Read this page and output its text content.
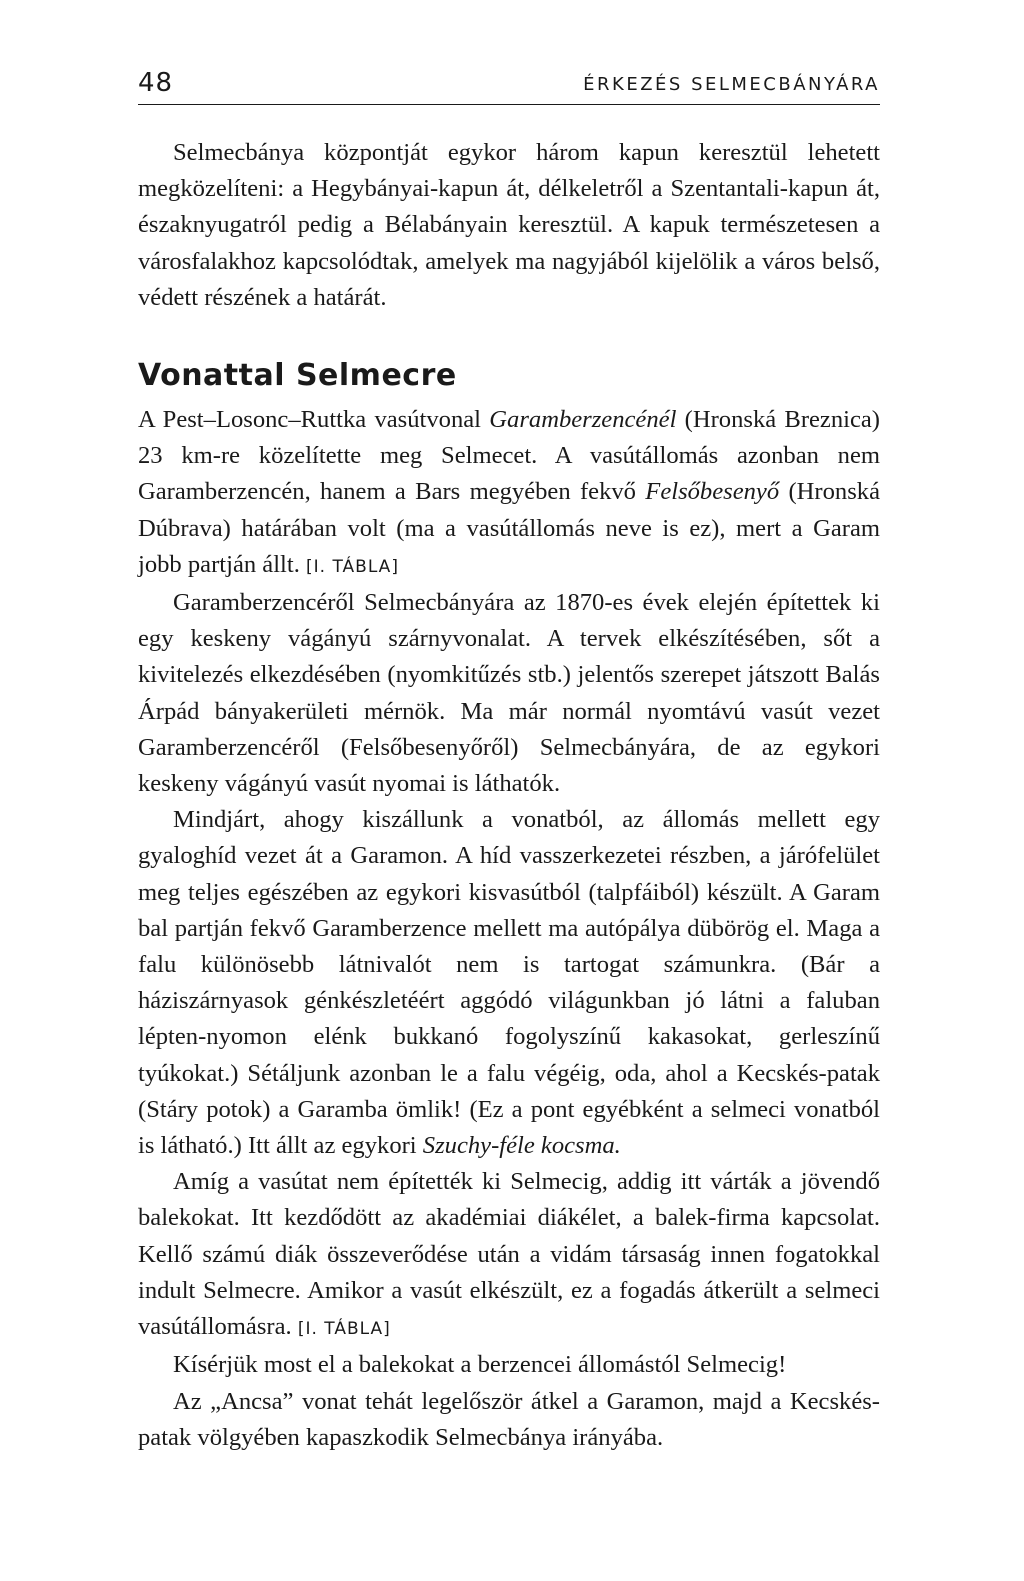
48	ÉRKEZÉS SELMECBÁNYÁRA

Selmecbánya központját egykor három kapun keresztül lehetett megközelíteni: a Hegybányai-kapun át, délkeletről a Szentantali-kapun át, északnyugatról pedig a Bélabányain keresztül. A kapuk természetesen a városfalakhoz kapcsolódtak, amelyek ma nagyjából kijelölik a város belső, védett részének a határát.

Vonattal Selmecre

A Pest–Losonc–Ruttka vasútvonal Garamberzencénél (Hronská Breznica) 23 km-re közelítette meg Selmecet. A vasútállomás azonban nem Garamberzencén, hanem a Bars megyében fekvő Felsőbesenyő (Hronská Dúbrava) határában volt (ma a vasútállomás neve is ez), mert a Garam jobb partján állt. [I. TÁBLA]

Garamberzencéről Selmecbányára az 1870-es évek elején építettek ki egy keskeny vágányú szárnyvonalat. A tervek elkészítésében, sőt a kivitelezés elkezdésében (nyomkitűzés stb.) jelentős szerepet játszott Balás Árpád bányakerületi mérnök. Ma már normál nyomtávú vasút vezet Garamberzencéről (Felsőbesenyőről) Selmecbányára, de az egykori keskeny vágányú vasút nyomai is láthatók.

Mindjárt, ahogy kiszállunk a vonatból, az állomás mellett egy gyaloghíd vezet át a Garamon. A híd vasszerkezetei részben, a járófelület meg teljes egészében az egykori kisvasútból (talpfáiból) készült. A Garam bal partján fekvő Garamberzence mellett ma autópálya dübörög el. Maga a falu különösebb látnivalót nem is tartogat számunkra. (Bár a háziszárnyasok génkészletéért aggódó világunkban jó látni a faluban lépten-nyomon elénk bukkanó fogolyszínű kakasokat, gerleszínű tyúkokat.) Sétáljunk azonban le a falu végéig, oda, ahol a Kecskés-patak (Stáry potok) a Garamba ömlik! (Ez a pont egyébként a selmeci vonatból is látható.) Itt állt az egykori Szuchy-féle kocsma.

Amíg a vasútat nem építették ki Selmecig, addig itt várták a jövendő balekokat. Itt kezdődött az akadémiai diákélet, a balek-firma kapcsolat. Kellő számú diák összeverődése után a vidám társaság innen fogatokkal indult Selmecre. Amikor a vasút elkészült, ez a fogadás átkerült a selmeci vasútállomásra. [I. TÁBLA]

Kísérjük most el a balekokat a berzencei állomástól Selmecig!

Az „Ancsa” vonat tehát legelőször átkel a Garamon, majd a Kecskés-patak völgyében kapaszkodik Selmecbánya irányába.
